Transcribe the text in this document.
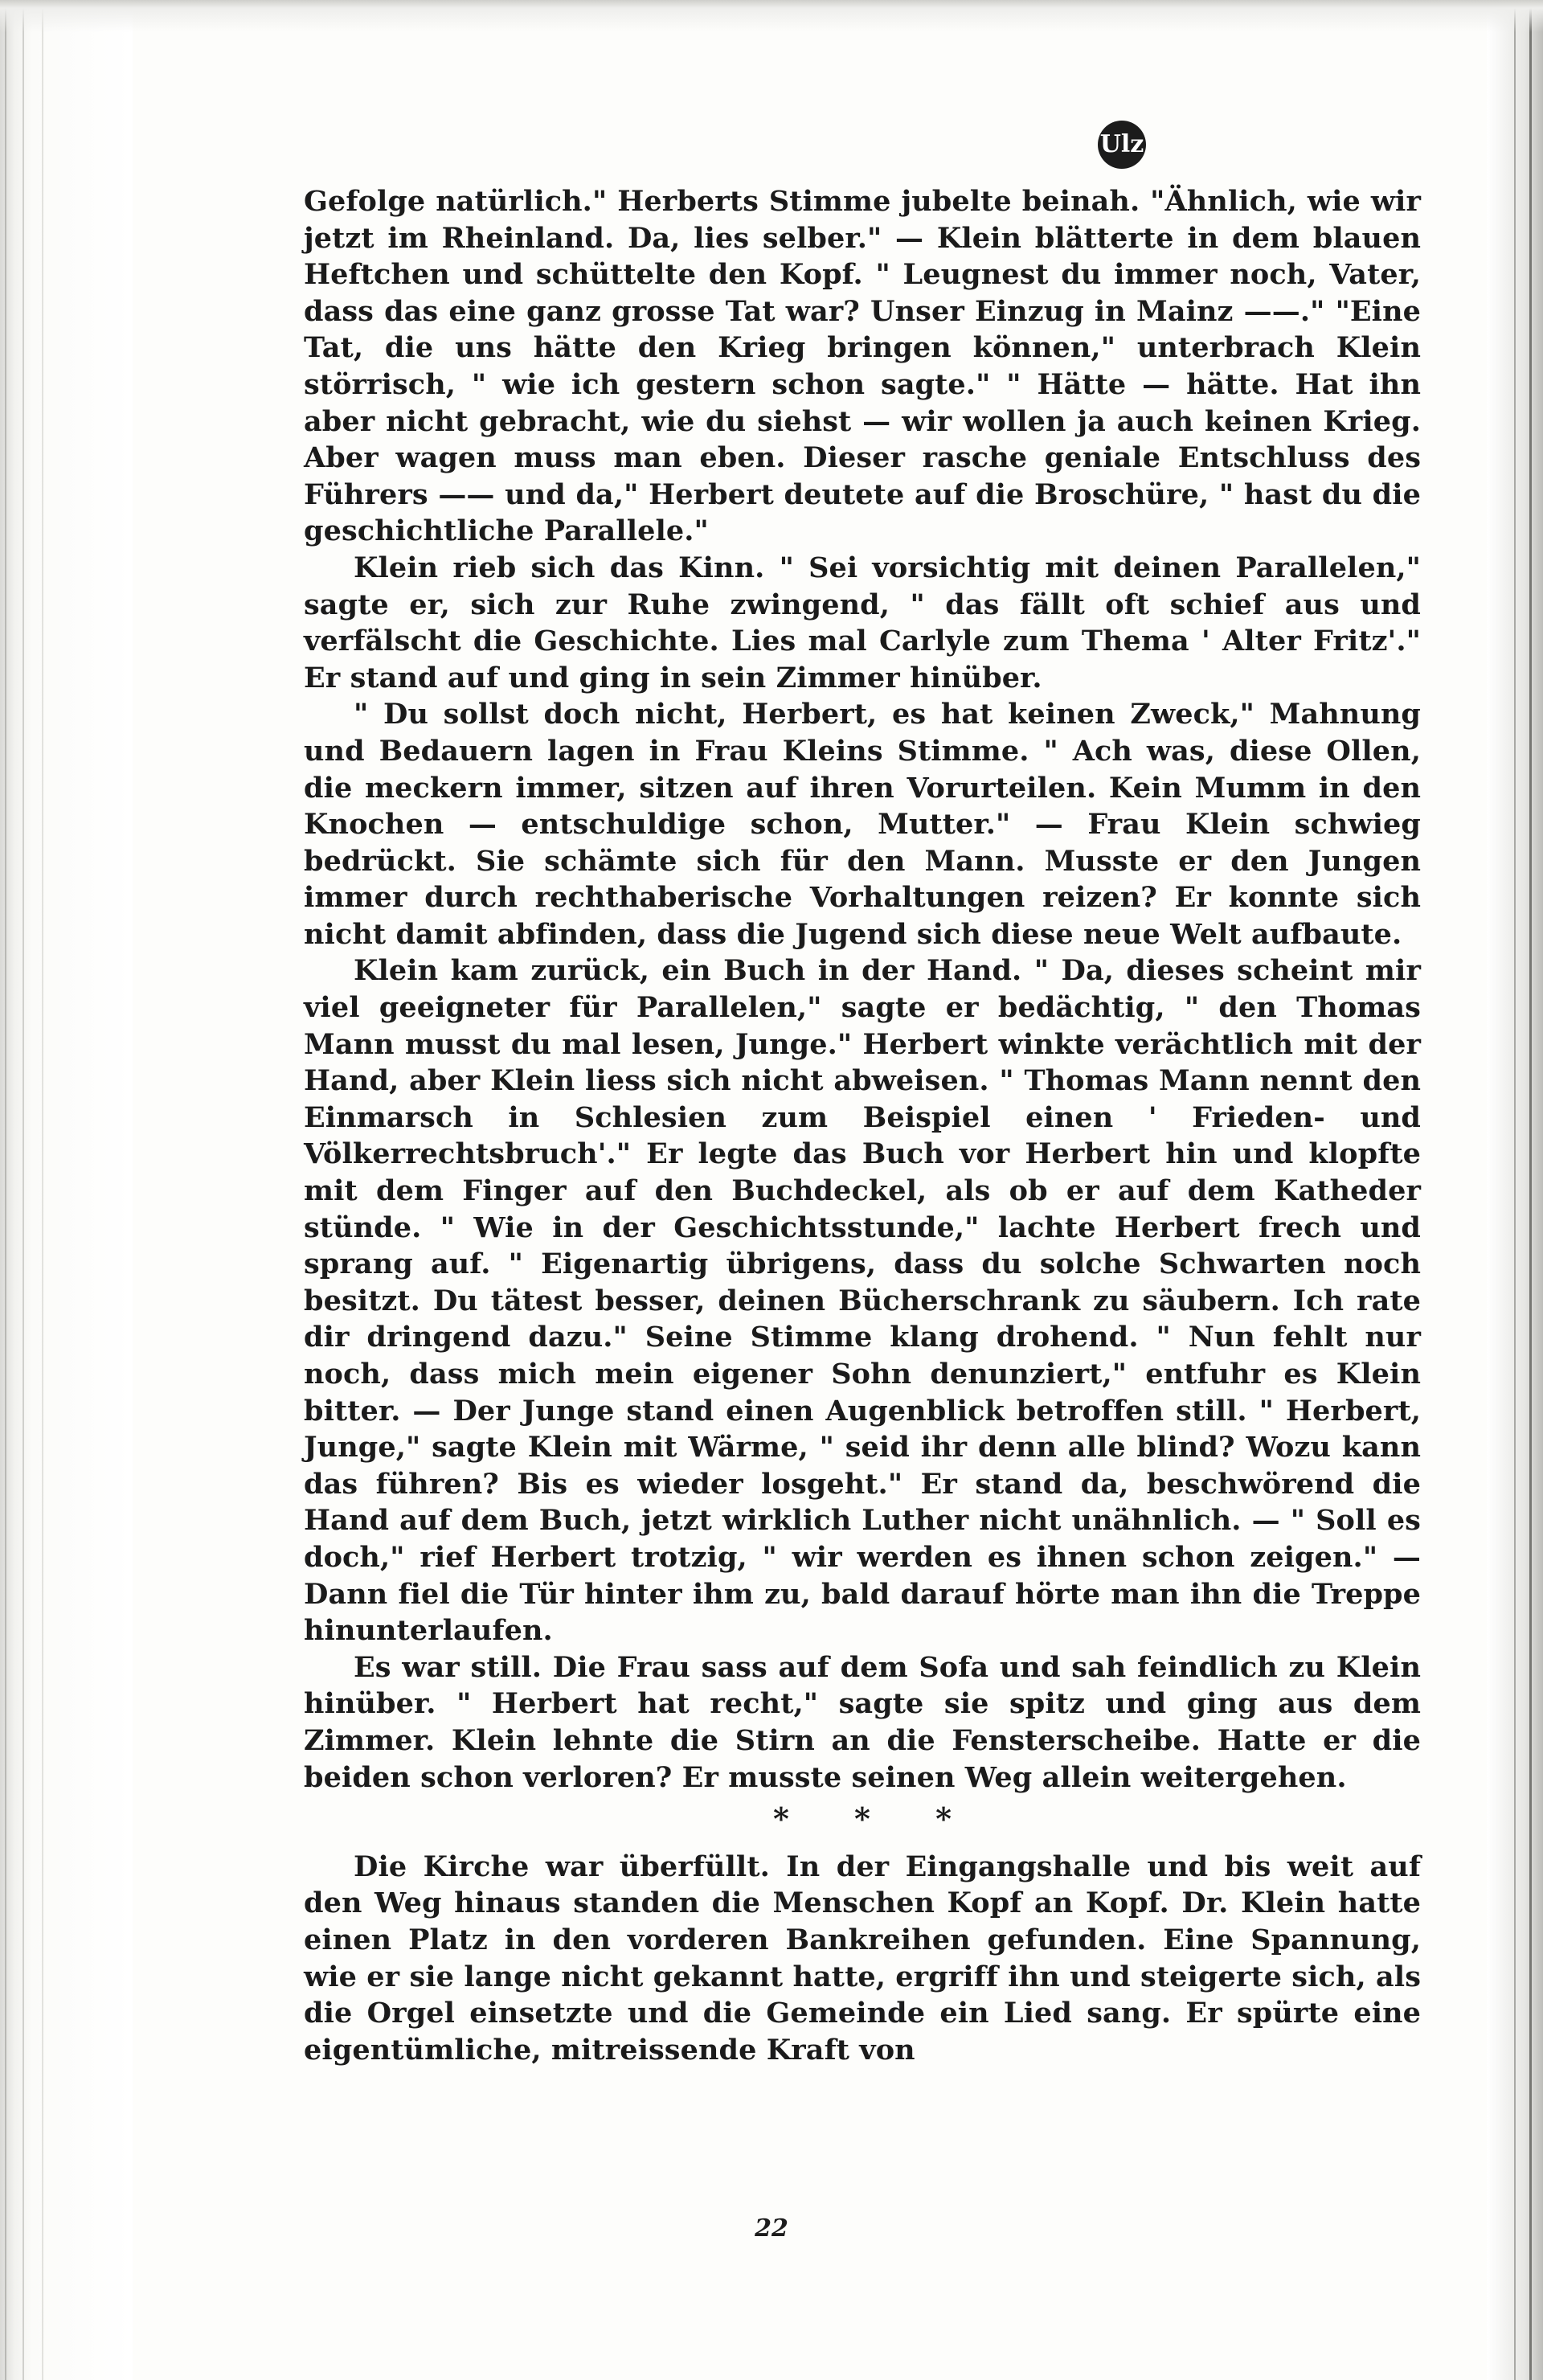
Ulz

Gefolge natürlich." Herberts Stimme jubelte beinah. "Ähnlich, wie wir jetzt im Rheinland. Da, lies selber." — Klein blätterte in dem blauen Heftchen und schüttelte den Kopf. " Leugnest du immer noch, Vater, dass das eine ganz grosse Tat war? Unser Einzug in Mainz ——." "Eine Tat, die uns hätte den Krieg bringen können," unterbrach Klein störrisch, " wie ich gestern schon sagte." " Hätte — hätte. Hat ihn aber nicht gebracht, wie du siehst — wir wollen ja auch keinen Krieg. Aber wagen muss man eben. Dieser rasche geniale Entschluss des Führers —— und da," Herbert deutete auf die Broschüre, " hast du die geschichtliche Parallele."

Klein rieb sich das Kinn. " Sei vorsichtig mit deinen Parallelen," sagte er, sich zur Ruhe zwingend, " das fällt oft schief aus und verfälscht die Geschichte. Lies mal Carlyle zum Thema ' Alter Fritz'." Er stand auf und ging in sein Zimmer hinüber.

" Du sollst doch nicht, Herbert, es hat keinen Zweck," Mahnung und Bedauern lagen in Frau Kleins Stimme. " Ach was, diese Ollen, die meckern immer, sitzen auf ihren Vorurteilen. Kein Mumm in den Knochen — entschuldige schon, Mutter." — Frau Klein schwieg bedrückt. Sie schämte sich für den Mann. Musste er den Jungen immer durch rechthaberische Vorhaltungen reizen? Er konnte sich nicht damit abfinden, dass die Jugend sich diese neue Welt aufbaute.

Klein kam zurück, ein Buch in der Hand. " Da, dieses scheint mir viel geeigneter für Parallelen," sagte er bedächtig, " den Thomas Mann musst du mal lesen, Junge." Herbert winkte verächtlich mit der Hand, aber Klein liess sich nicht abweisen. " Thomas Mann nennt den Einmarsch in Schlesien zum Beispiel einen ' Frieden- und Völkerrechtsbruch'." Er legte das Buch vor Herbert hin und klopfte mit dem Finger auf den Buchdeckel, als ob er auf dem Katheder stünde. " Wie in der Geschichtsstunde," lachte Herbert frech und sprang auf. " Eigenartig übrigens, dass du solche Schwarten noch besitzt. Du tätest besser, deinen Bücherschrank zu säubern. Ich rate dir dringend dazu." Seine Stimme klang drohend. " Nun fehlt nur noch, dass mich mein eigener Sohn denunziert," entfuhr es Klein bitter. — Der Junge stand einen Augenblick betroffen still. " Herbert, Junge," sagte Klein mit Wärme, " seid ihr denn alle blind? Wozu kann das führen? Bis es wieder losgeht." Er stand da, beschwörend die Hand auf dem Buch, jetzt wirklich Luther nicht unähnlich. — " Soll es doch," rief Herbert trotzig, " wir werden es ihnen schon zeigen." — Dann fiel die Tür hinter ihm zu, bald darauf hörte man ihn die Treppe hinunterlaufen.

Es war still. Die Frau sass auf dem Sofa und sah feindlich zu Klein hinüber. " Herbert hat recht," sagte sie spitz und ging aus dem Zimmer. Klein lehnte die Stirn an die Fensterscheibe. Hatte er die beiden schon verloren? Er musste seinen Weg allein weitergehen.

* * *

Die Kirche war überfüllt. In der Eingangshalle und bis weit auf den Weg hinaus standen die Menschen Kopf an Kopf. Dr. Klein hatte einen Platz in den vorderen Bankreihen gefunden. Eine Spannung, wie er sie lange nicht gekannt hatte, ergriff ihn und steigerte sich, als die Orgel einsetzte und die Gemeinde ein Lied sang. Er spürte eine eigentümliche, mitreissende Kraft von

22
